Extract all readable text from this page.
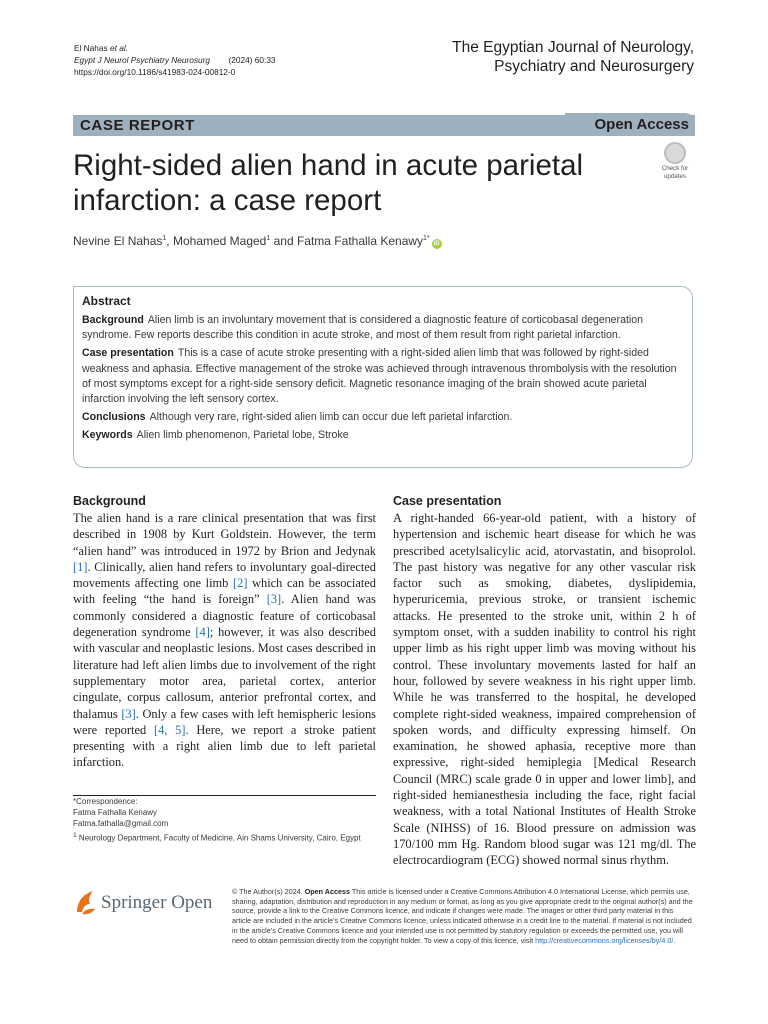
El Nahas et al.
Egypt J Neurol Psychiatry Neurosurg (2024) 60:33
https://doi.org/10.1186/s41983-024-00812-0
The Egyptian Journal of Neurology,
Psychiatry and Neurosurgery
CASE REPORT	Open Access
Right-sided alien hand in acute parietal
infarction: a case report
Check for
updates
Nevine El Nahas$^1$, Mohamed Maged$^1$ and Fatma Fathalla Kenawy$^{1*}$iD
Abstract

Background Alien limb is an involuntary movement that is considered a diagnostic feature of corticobasal degeneration syndrome. Few reports describe this condition in acute stroke, and most of them result from right parietal infarction.

Case presentation This is a case of acute stroke presenting with a right-sided alien limb that was followed by right-sided weakness and aphasia. Effective management of the stroke was achieved through intravenous thrombolysis with the resolution of most symptoms except for a right-side sensory deficit. Magnetic resonance imaging of the brain showed acute parietal infarction involving the left sensory cortex.

Conclusions Although very rare, right-sided alien limb can occur due left parietal infarction.

Keywords Alien limb phenomenon, Parietal lobe, Stroke

Background

The alien hand is a rare clinical presentation that was first described in 1908 by Kurt Goldstein. However, the term “alien hand” was introduced in 1972 by Brion and Jedynak [1]. Clinically, alien hand refers to involuntary goal-directed movements affecting one limb [2] which can be associated with feeling “the hand is foreign” [3]. Alien hand was commonly considered a diagnostic feature of corticobasal degeneration syndrome [4]; however, it was also described with vascular and neoplastic lesions. Most cases described in literature had left alien limbs due to involvement of the right supplementary motor area, parietal cortex, anterior cingulate, corpus callosum, anterior prefrontal cortex, and thalamus [3]. Only a few cases with left hemispheric lesions were reported [4, 5]. Here, we report a stroke patient presenting with a right alien limb due to left parietal infarction.

Case presentation

A right-handed 66-year-old patient, with a history of hypertension and ischemic heart disease for which he was prescribed acetylsalicylic acid, atorvastatin, and bisoprolol. The past history was negative for any other vascular risk factor such as smoking, diabetes, dyslipidemia, hyperuricemia, previous stroke, or transient ischemic attacks. He presented to the stroke unit, within 2 h of symptom onset, with a sudden inability to control his right upper limb as his right upper limb was moving without his control. These involuntary movements lasted for half an hour, followed by severe weakness in his right upper limb. While he was transferred to the hospital, he developed complete right-sided weakness, impaired comprehension of spoken words, and difficulty expressing himself. On examination, he showed aphasia, receptive more than expressive, right-sided hemiplegia [Medical Research Council (MRC) scale grade 0 in upper and lower limb], and right-sided hemianesthesia including the face, right facial weakness, with a total National Institutes of Health Stroke Scale (NIHSS) of 16. Blood pressure on admission was 170/100 mm Hg. Random blood sugar was 121 mg/dl. The electrocardiogram (ECG) showed normal sinus rhythm.

*Correspondence:
Fatma Fathalla Kenawy
Fatma.fathalla@gmail.com
$^1$ Neurology Department, Faculty of Medicine, Ain Shams University, Cairo, Egypt
Springer Open
© The Author(s) 2024. Open Access This article is licensed under a Creative Commons Attribution 4.0 International License, which permits use, sharing, adaptation, distribution and reproduction in any medium or format, as long as you give appropriate credit to the original author(s) and the source, provide a link to the Creative Commons licence, and indicate if changes were made. The images or other third party material in this article are included in the article’s Creative Commons licence, unless indicated otherwise in a credit line to the material. If material is not included in the article’s Creative Commons licence and your intended use is not permitted by statutory regulation or exceeds the permitted use, you will need to obtain permission directly from the copyright holder. To view a copy of this licence, visit http://creativecommons.org/licenses/by/4.0/.
